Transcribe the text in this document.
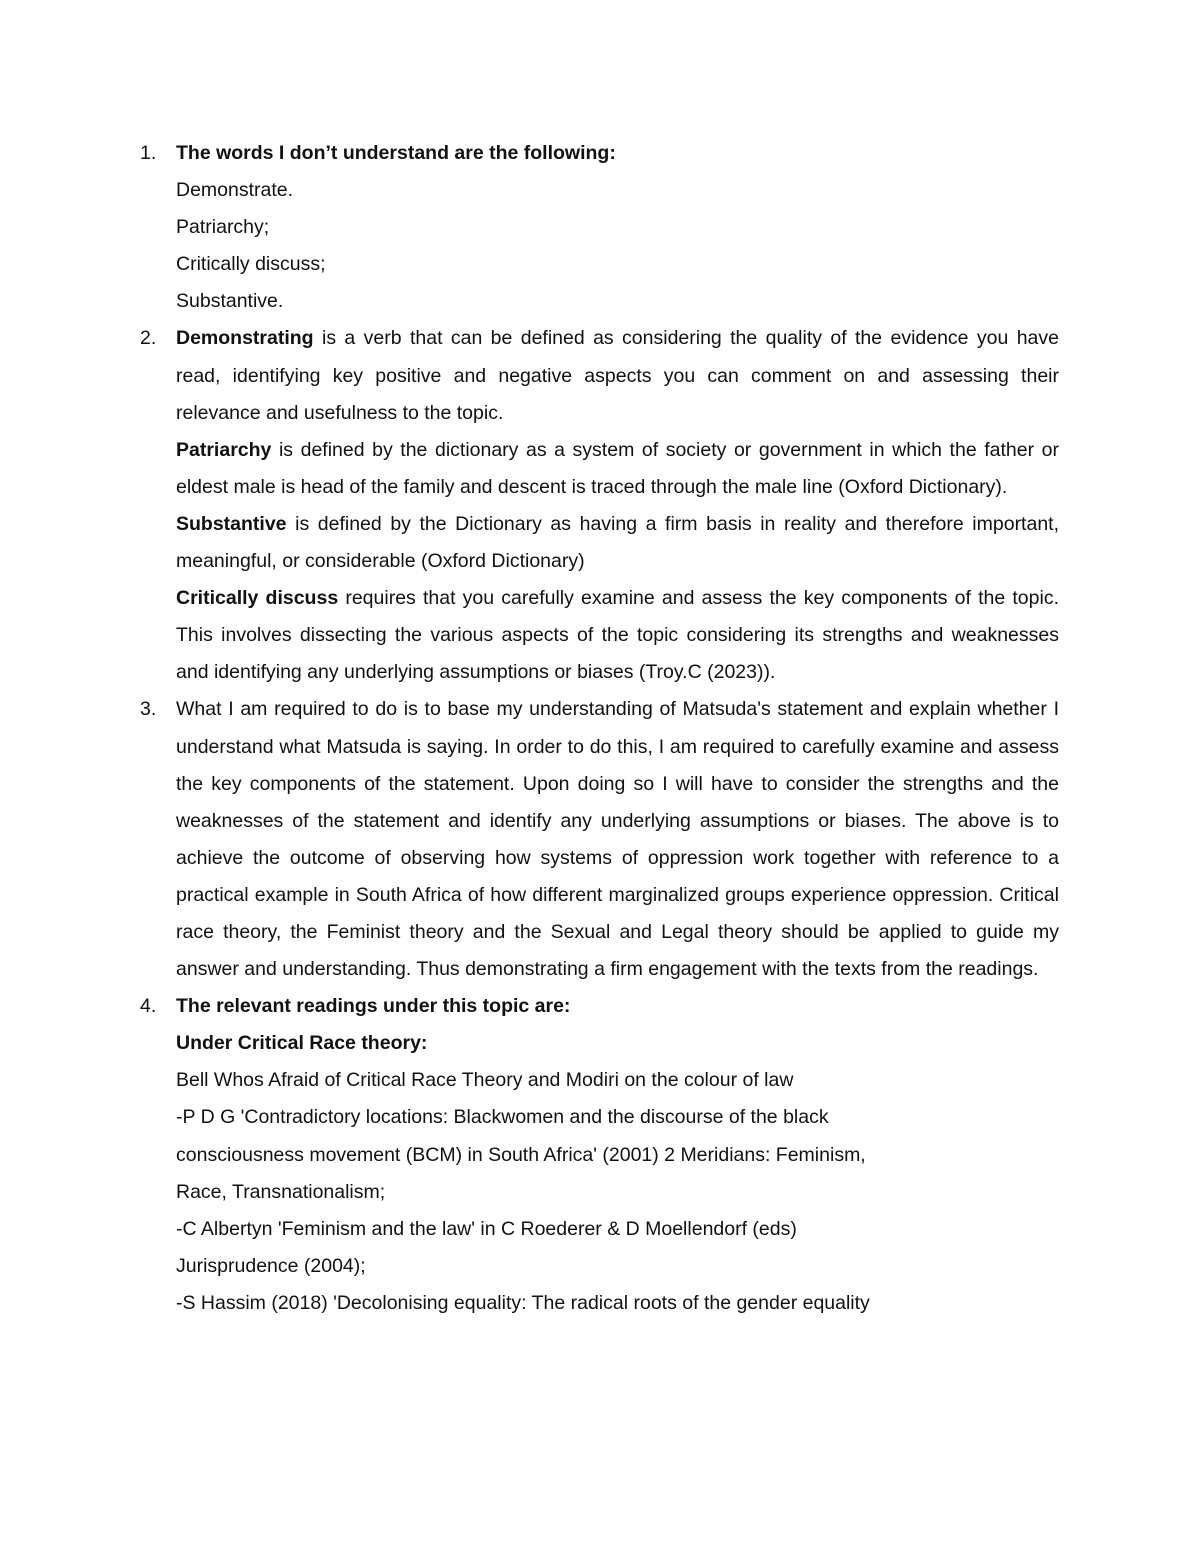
1.	The words I don’t understand are the following:

Demonstrate.

Patriarchy;

Critically discuss;

Substantive.

2.	Demonstrating is a verb that can be defined as considering the quality of the evidence you have read, identifying key positive and negative aspects you can comment on and assessing their relevance and usefulness to the topic.

Patriarchy is defined by the dictionary as a system of society or government in which the father or eldest male is head of the family and descent is traced through the male line (Oxford Dictionary).

Substantive is defined by the Dictionary as having a firm basis in reality and therefore important, meaningful, or considerable (Oxford Dictionary)

Critically discuss requires that you carefully examine and assess the key components of the topic. This involves dissecting the various aspects of the topic considering its strengths and weaknesses and identifying any underlying assumptions or biases (Troy.C (2023)).

3.	What I am required to do is to base my understanding of Matsuda's statement and explain whether I understand what Matsuda is saying. In order to do this, I am required to carefully examine and assess the key components of the statement. Upon doing so I will have to consider the strengths and the weaknesses of the statement and identify any underlying assumptions or biases. The above is to achieve the outcome of observing how systems of oppression work together with reference to a practical example in South Africa of how different marginalized groups experience oppression. Critical race theory, the Feminist theory and the Sexual and Legal theory should be applied to guide my answer and understanding. Thus demonstrating a firm engagement with the texts from the readings.

4.	The relevant readings under this topic are:

Under Critical Race theory:

Bell Whos Afraid of Critical Race Theory and Modiri on the colour of law

-P D G 'Contradictory locations: Blackwomen and the discourse of the black

consciousness movement (BCM) in South Africa' (2001) 2 Meridians: Feminism,

Race, Transnationalism;

-C Albertyn 'Feminism and the law' in C Roederer & D Moellendorf (eds)

Jurisprudence (2004);

-S Hassim (2018) 'Decolonising equality: The radical roots of the gender equality
